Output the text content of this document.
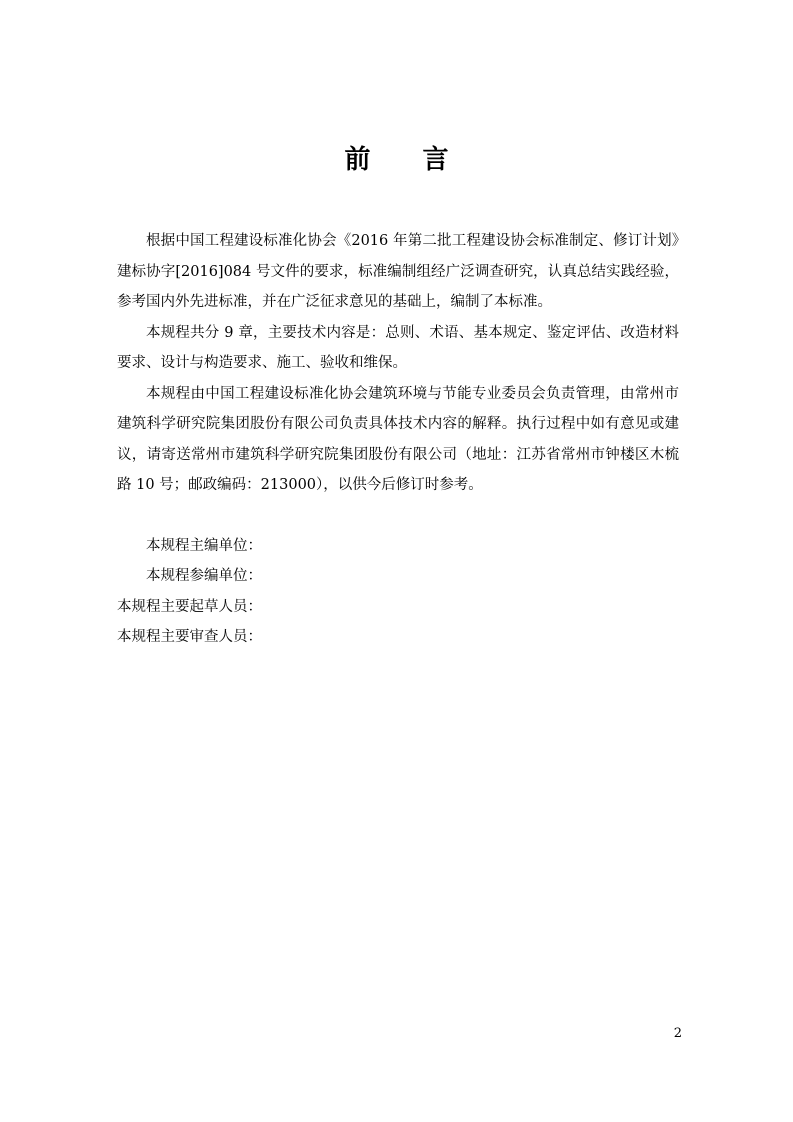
前 言

根据中国工程建设标准化协会《2016 年第二批工程建设协会标准制定、修订计划》建标协字[2016]084 号文件的要求，标准编制组经广泛调查研究，认真总结实践经验，参考国内外先进标准，并在广泛征求意见的基础上，编制了本标准。

本规程共分 9 章，主要技术内容是：总则、术语、基本规定、鉴定评估、改造材料要求、设计与构造要求、施工、验收和维保。

本规程由中国工程建设标准化协会建筑环境与节能专业委员会负责管理，由常州市建筑科学研究院集团股份有限公司负责具体技术内容的解释。执行过程中如有意见或建议，请寄送常州市建筑科学研究院集团股份有限公司（地址：江苏省常州市钟楼区木梳路 10 号；邮政编码：213000），以供今后修订时参考。

本规程主编单位：

本规程参编单位：

本规程主要起草人员：

本规程主要审查人员：

2
